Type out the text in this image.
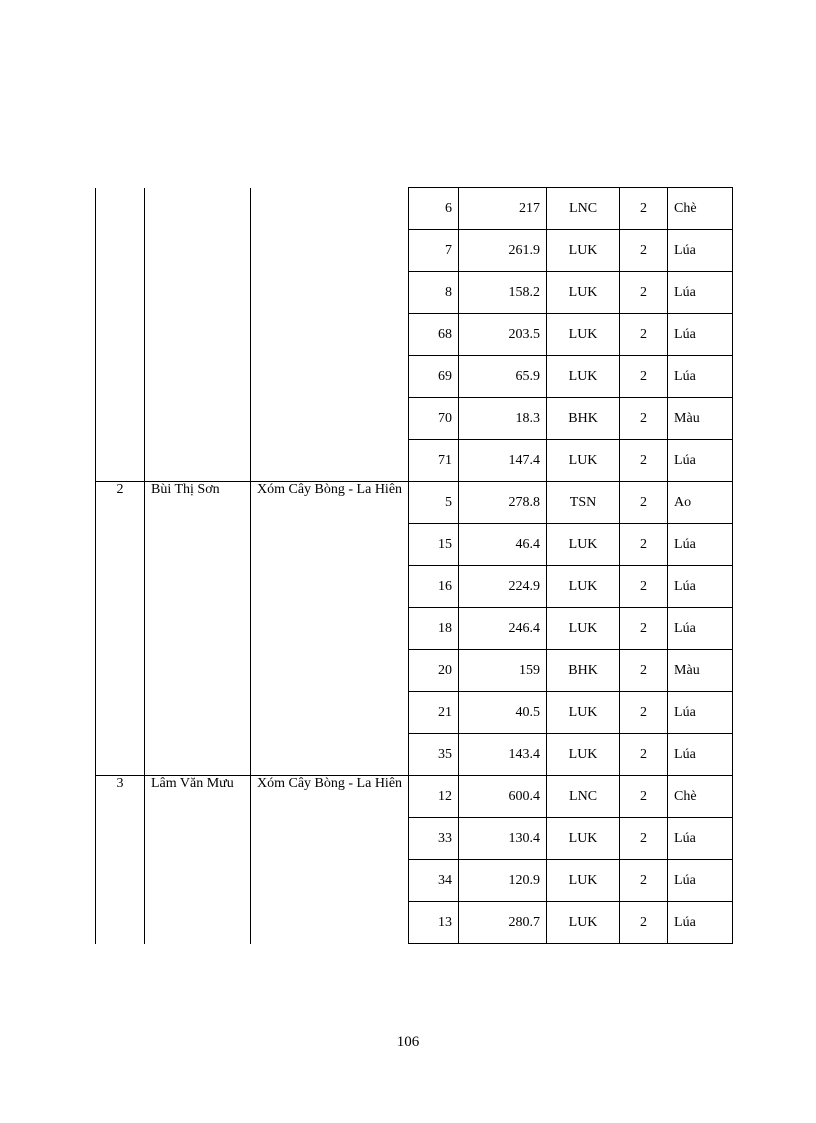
			6	217	LNC	2	Chè
			7	261.9	LUK	2	Lúa
			8	158.2	LUK	2	Lúa
			68	203.5	LUK	2	Lúa
			69	65.9	LUK	2	Lúa
			70	18.3	BHK	2	Màu
			71	147.4	LUK	2	Lúa
2	Bùi Thị Sơn	Xóm Cây Bòng - La Hiên	5	278.8	TSN	2	Ao
			15	46.4	LUK	2	Lúa
			16	224.9	LUK	2	Lúa
			18	246.4	LUK	2	Lúa
			20	159	BHK	2	Màu
			21	40.5	LUK	2	Lúa
			35	143.4	LUK	2	Lúa
3	Lâm Văn Mưu	Xóm Cây Bòng - La Hiên	12	600.4	LNC	2	Chè
			33	130.4	LUK	2	Lúa
			34	120.9	LUK	2	Lúa
			13	280.7	LUK	2	Lúa
106
